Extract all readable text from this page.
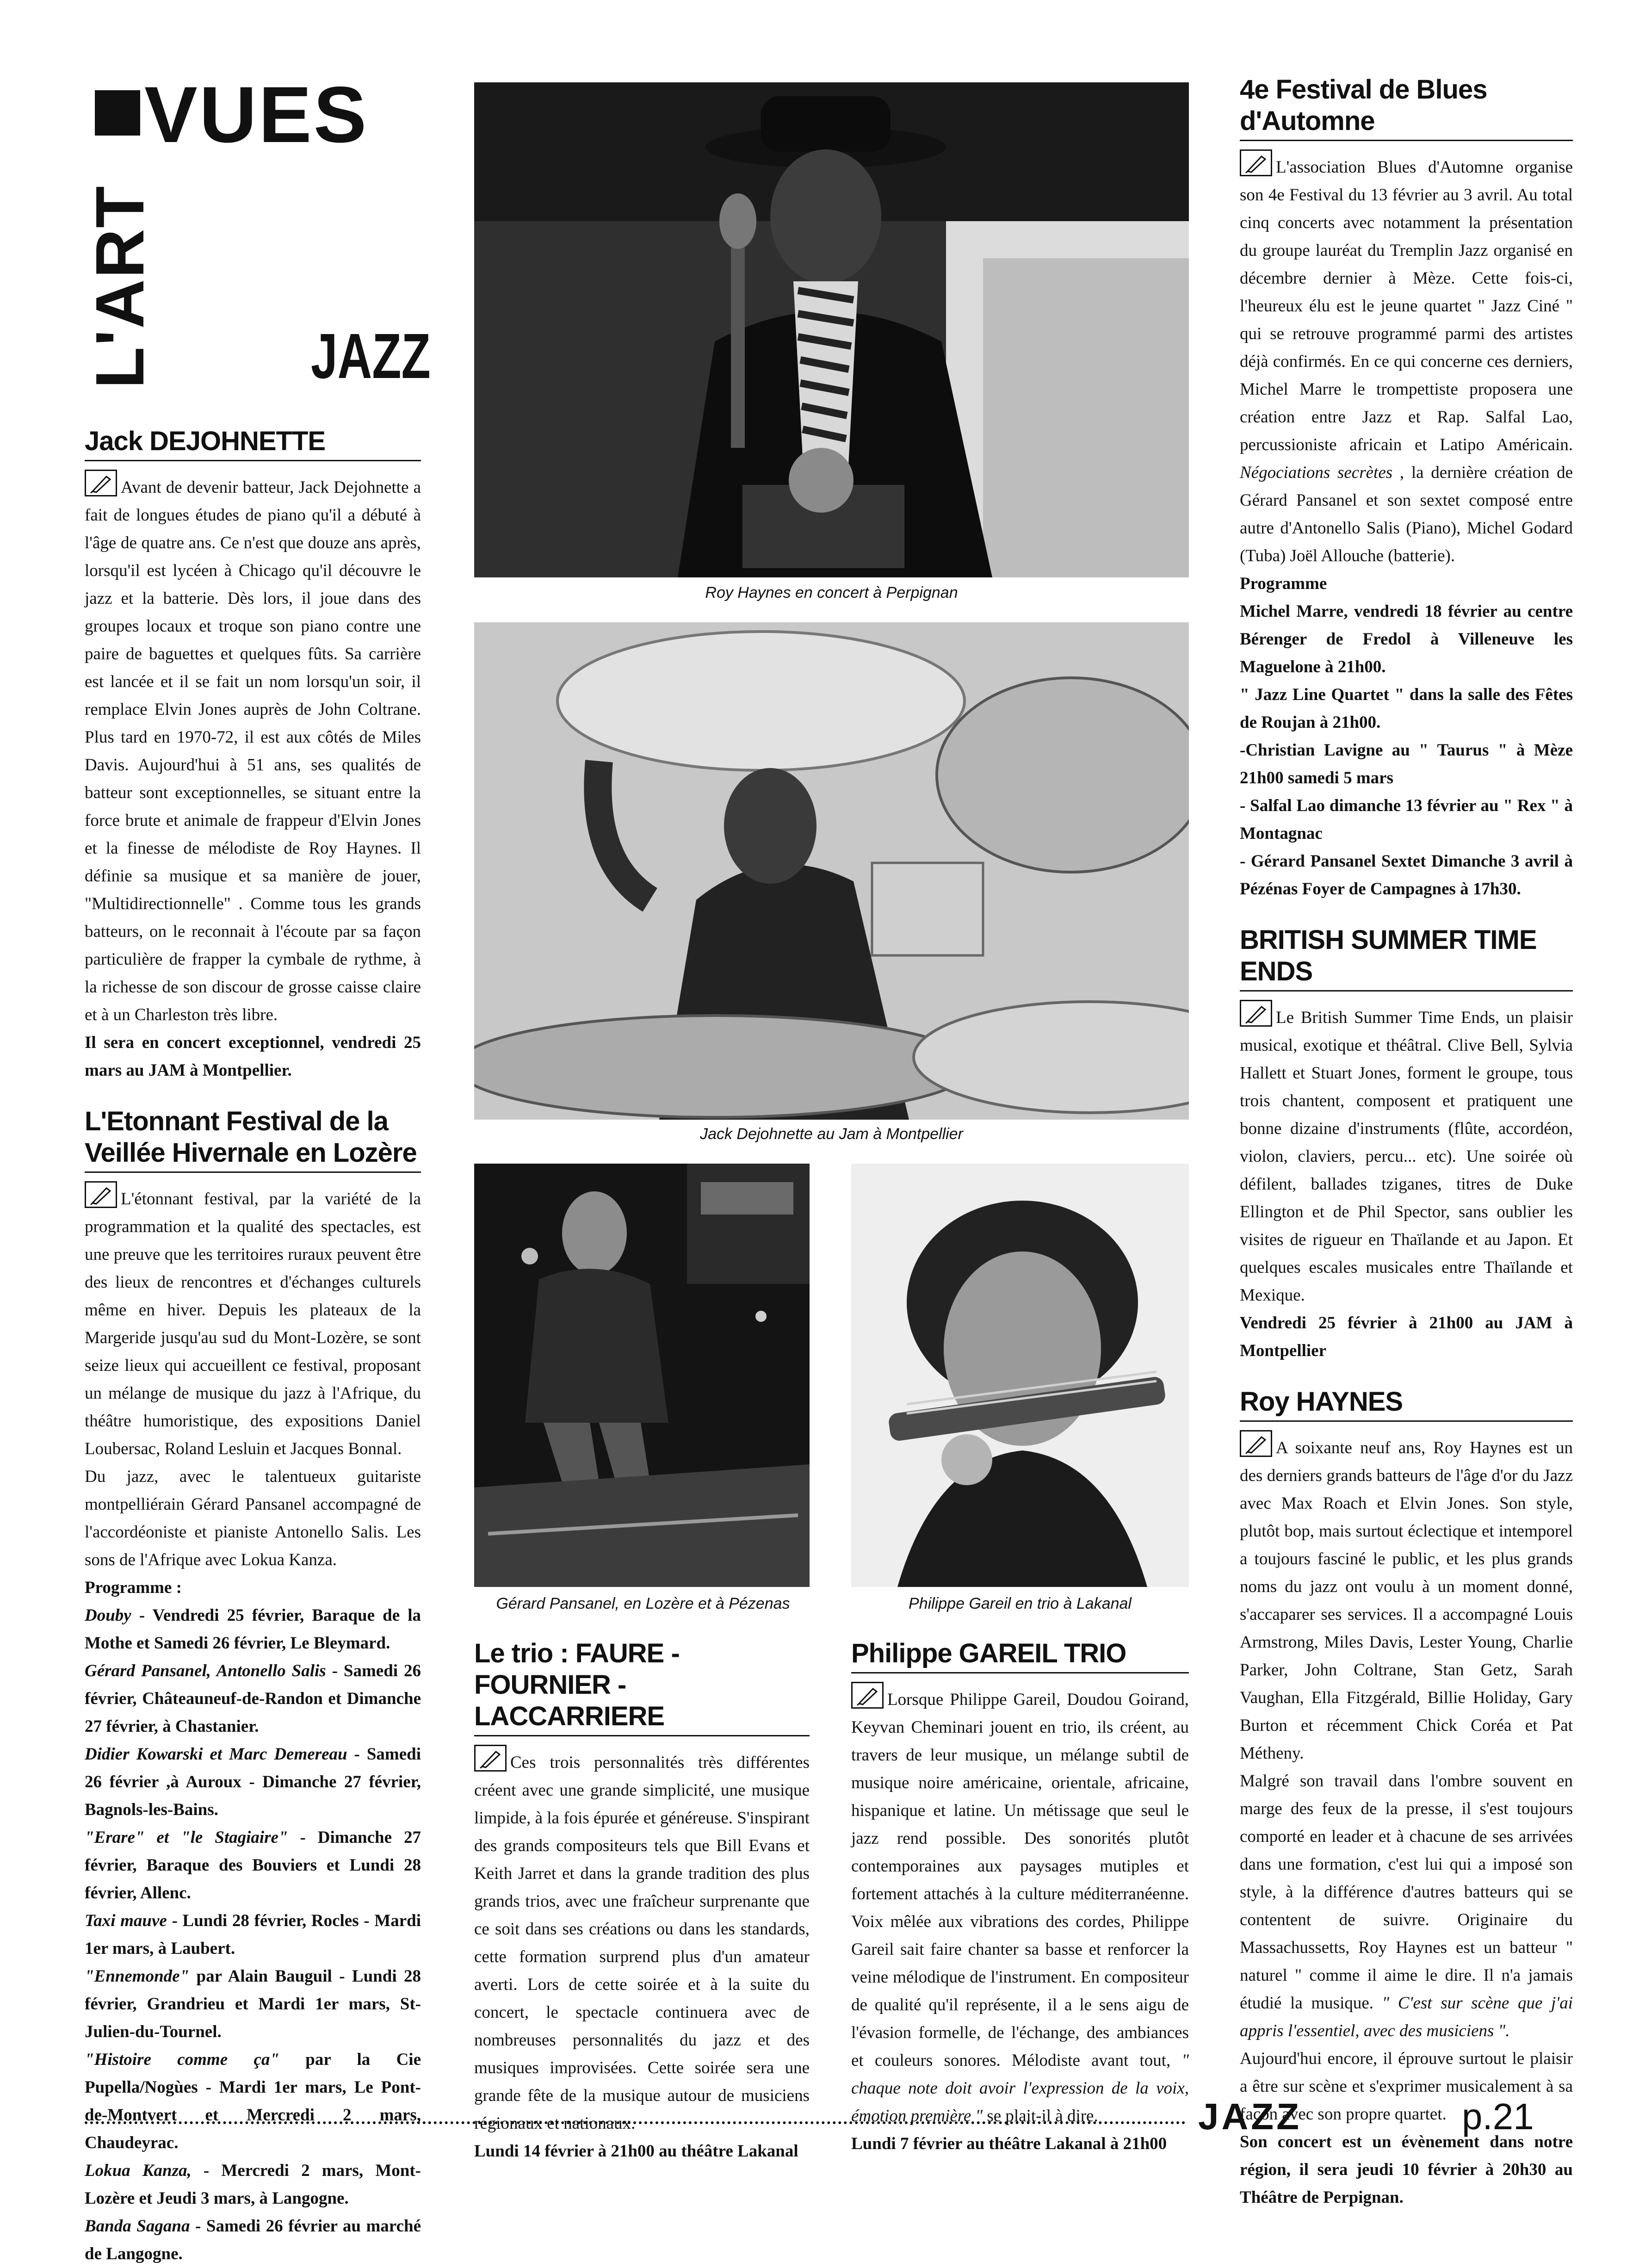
VUES
L'ART JAZZ
Jack DEJOHNETTE

Avant de devenir batteur, Jack Dejohnette a fait de longues études de piano qu'il a débuté à l'âge de quatre ans. Ce n'est que douze ans après, lorsqu'il est lycéen à Chicago qu'il découvre le jazz et la batterie. Dès lors, il joue dans des groupes locaux et troque son piano contre une paire de baguettes et quelques fûts. Sa carrière est lancée et il se fait un nom lorsqu'un soir, il remplace Elvin Jones auprès de John Coltrane. Plus tard en 1970-72, il est aux côtés de Miles Davis. Aujourd'hui à 51 ans, ses qualités de batteur sont exceptionnelles, se situant entre la force brute et animale de frappeur d'Elvin Jones et la finesse de mélodiste de Roy Haynes. Il définie sa musique et sa manière de jouer, "Multidirectionnelle" . Comme tous les grands batteurs, on le reconnait à l'écoute par sa façon particulière de frapper la cymbale de rythme, à la richesse de son discour de grosse caisse claire et à un Charleston très libre.

Il sera en concert exceptionnel, vendredi 25 mars au JAM à Montpellier.

L'Etonnant Festival de la
Veillée Hivernale en Lozère

L'étonnant festival, par la variété de la programmation et la qualité des spectacles, est une preuve que les territoires ruraux peuvent être des lieux de rencontres et d'échanges culturels même en hiver. Depuis les plateaux de la Margeride jusqu'au sud du Mont-Lozère, se sont seize lieux qui accueillent ce festival, proposant un mélange de musique du jazz à l'Afrique, du théâtre humoristique, des expositions Daniel Loubersac, Roland Lesluin et Jacques Bonnal.

Du jazz, avec le talentueux guitariste montpelliérain Gérard Pansanel accompagné de l'accordéoniste et pianiste Antonello Salis. Les sons de l'Afrique avec Lokua Kanza.

Programme :

Douby - Vendredi 25 février, Baraque de la Mothe et Samedi 26 février, Le Bleymard.

Gérard Pansanel, Antonello Salis - Samedi 26 février, Châteauneuf-de-Randon et Dimanche 27 février, à Chastanier.

Didier Kowarski et Marc Demereau - Samedi 26 février ,à Auroux - Dimanche 27 février, Bagnols-les-Bains.

"Erare" et "le Stagiaire" - Dimanche 27 février, Baraque des Bouviers et Lundi 28 février, Allenc.

Taxi mauve - Lundi 28 février, Rocles - Mardi 1er mars, à Laubert.

"Ennemonde" par Alain Bauguil - Lundi 28 février, Grandrieu et Mardi 1er mars, St-Julien-du-Tournel.

"Histoire comme ça" par la Cie Pupella/Nogùes - Mardi 1er mars, Le Pont-de-Montvert et Mercredi 2 mars, Chaudeyrac.

Lokua Kanza, - Mercredi 2 mars, Mont-Lozère et Jeudi 3 mars, à Langogne.

Banda Sagana - Samedi 26 février au marché de Langogne.

Roy Haynes en concert à Perpignan
Jack Dejohnette au Jam à Montpellier
Gérard Pansanel, en Lozère et à Pézenas	Philippe Gareil en trio à Lakanal
Le trio : FAURE - FOURNIER -
LACCARRIERE

Ces trois personnalités très différentes créent avec une grande simplicité, une musique limpide, à la fois épurée et généreuse. S'inspirant des grands compositeurs tels que Bill Evans et Keith Jarret et dans la grande tradition des plus grands trios, avec une fraîcheur surprenante que ce soit dans ses créations ou dans les standards, cette formation surprend plus d'un amateur averti. Lors de cette soirée et à la suite du concert, le spectacle continuera avec de nombreuses personnalités du jazz et des musiques improvisées. Cette soirée sera une grande fête de la musique autour de musiciens régionaux et nationaux.

Lundi 14 février à 21h00 au théâtre Lakanal

Philippe GAREIL TRIO

Lorsque Philippe Gareil, Doudou Goirand, Keyvan Cheminari jouent en trio, ils créent, au travers de leur musique, un mélange subtil de musique noire américaine, orientale, africaine, hispanique et latine. Un métissage que seul le jazz rend possible. Des sonorités plutôt contemporaines aux paysages mutiples et fortement attachés à la culture méditerranéenne. Voix mêlée aux vibrations des cordes, Philippe Gareil sait faire chanter sa basse et renforcer la veine mélodique de l'instrument. En compositeur de qualité qu'il représente, il a le sens aigu de l'évasion formelle, de l'échange, des ambiances et couleurs sonores. Mélodiste avant tout, " chaque note doit avoir l'expression de la voix, émotion première " se plait-il à dire.

Lundi 7 février au théâtre Lakanal à 21h00

4e Festival de Blues d'Automne

L'association Blues d'Automne organise son 4e Festival du 13 février au 3 avril. Au total cinq concerts avec notamment la présentation du groupe lauréat du Tremplin Jazz organisé en décembre dernier à Mèze. Cette fois-ci, l'heureux élu est le jeune quartet " Jazz Ciné " qui se retrouve programmé parmi des artistes déjà confirmés. En ce qui concerne ces derniers, Michel Marre le trompettiste proposera une création entre Jazz et Rap. Salfal Lao, percussioniste africain et Latipo Américain. Négociations secrètes , la dernière création de Gérard Pansanel et son sextet composé entre autre d'Antonello Salis (Piano), Michel Godard (Tuba) Joël Allouche (batterie).

Programme

Michel Marre, vendredi 18 février au centre Bérenger de Fredol à Villeneuve les Maguelone à 21h00.

" Jazz Line Quartet " dans la salle des Fêtes de Roujan à 21h00.

-Christian Lavigne au " Taurus " à Mèze 21h00 samedi 5 mars

- Salfal Lao dimanche 13 février au " Rex " à Montagnac

- Gérard Pansanel Sextet Dimanche 3 avril à Pézénas Foyer de Campagnes à 17h30.

BRITISH SUMMER TIME ENDS

Le British Summer Time Ends, un plaisir musical, exotique et théâtral. Clive Bell, Sylvia Hallett et Stuart Jones, forment le groupe, tous trois chantent, composent et pratiquent une bonne dizaine d'instruments (flûte, accordéon, violon, claviers, percu... etc). Une soirée où défilent, ballades tziganes, titres de Duke Ellington et de Phil Spector, sans oublier les visites de rigueur en Thaïlande et au Japon. Et quelques escales musicales entre Thaïlande et Mexique.

Vendredi 25 février à 21h00 au JAM à Montpellier

Roy HAYNES

A soixante neuf ans, Roy Haynes est un des derniers grands batteurs de l'âge d'or du Jazz avec Max Roach et Elvin Jones. Son style, plutôt bop, mais surtout éclectique et intemporel a toujours fasciné le public, et les plus grands noms du jazz ont voulu à un moment donné, s'accaparer ses services. Il a accompagné Louis Armstrong, Miles Davis, Lester Young, Charlie Parker, John Coltrane, Stan Getz, Sarah Vaughan, Ella Fitzgérald, Billie Holiday, Gary Burton et récemment Chick Coréa et Pat Métheny.

Malgré son travail dans l'ombre souvent en marge des feux de la presse, il s'est toujours comporté en leader et à chacune de ses arrivées dans une formation, c'est lui qui a imposé son style, à la différence d'autres batteurs qui se contentent de suivre. Originaire du Massachussetts, Roy Haynes est un batteur " naturel " comme il aime le dire. Il n'a jamais étudié la musique. " C'est sur scène que j'ai appris l'essentiel, avec des musiciens ".

Aujourd'hui encore, il éprouve surtout le plaisir a être sur scène et s'exprimer musicalement à sa façon avec son propre quartet.

Son concert est un évènement dans notre région, il sera jeudi 10 février à 20h30 au Théâtre de Perpignan.

JAZZ	p.21
